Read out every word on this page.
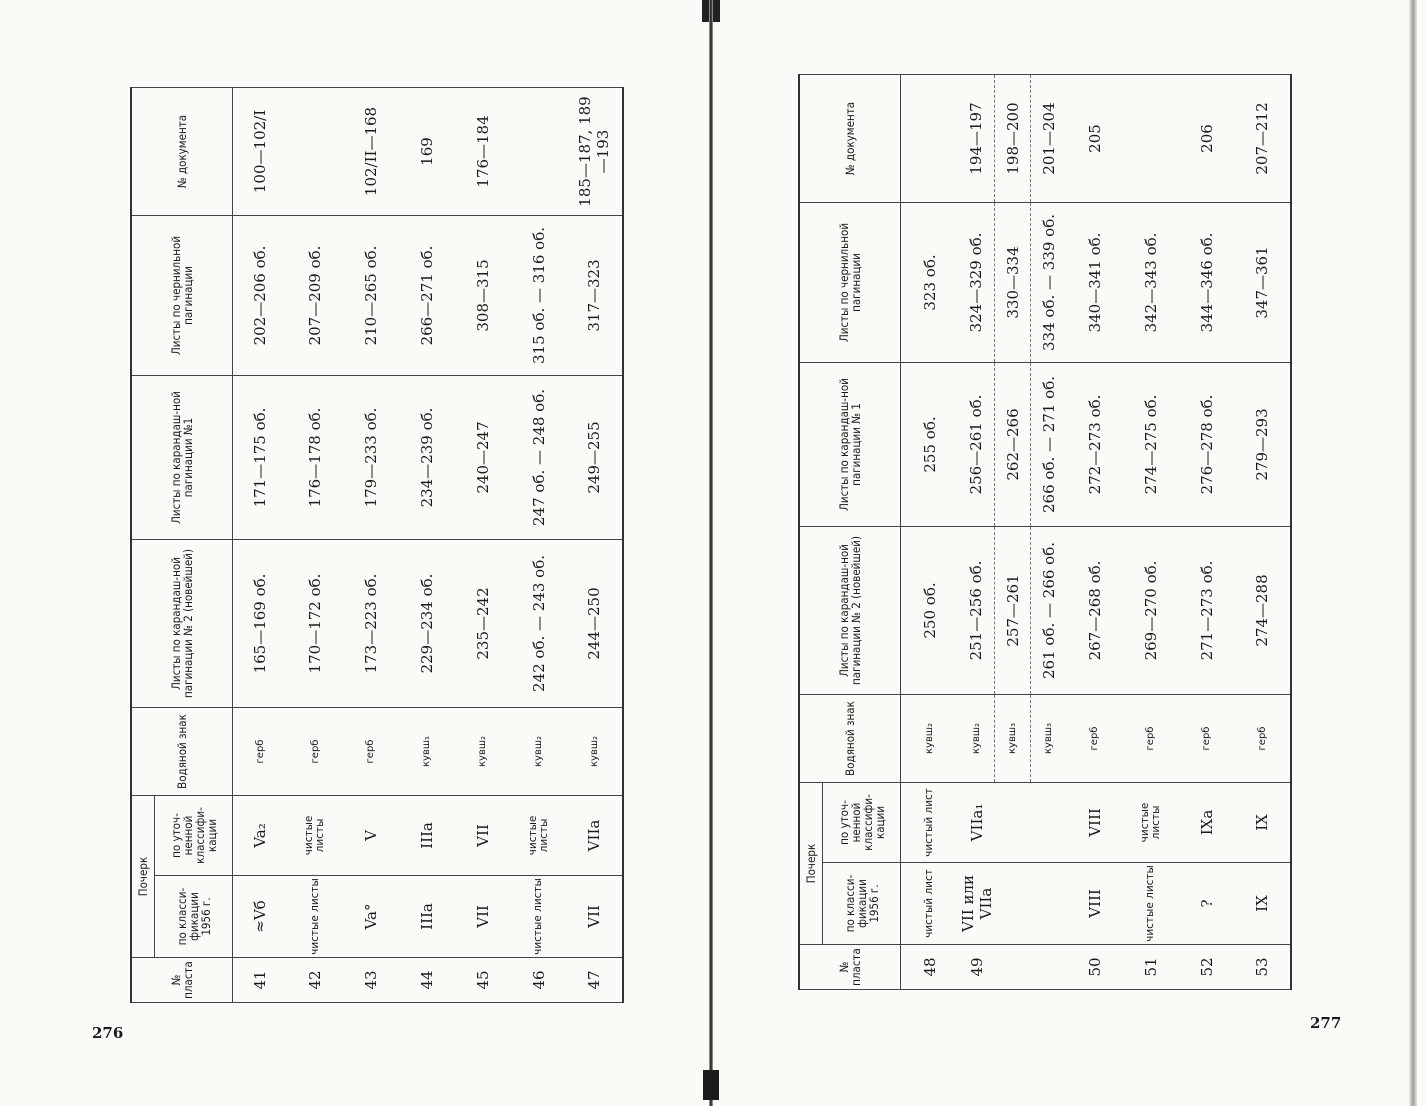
276
277
№ пласта	Почерк		Водяной знак	Листы по карандаш-ной пагинации № 2 (новейшей)	Листы по карандаш-ной пагинации №1	Листы по чернильной пагинации	№ документа
	по класси-фикации 1956 г.	по уточ-ненной классифи-кации					
41	≈Vб	Va₂	герб	165—169 об.	171—175 об.	202—206 об.	100—102/I
42	чистые листы	чистые листы	герб	170—172 об.	176—178 об.	207—209 об.	
43	Va°	V	герб	173—223 об.	179—233 об.	210—265 об.	102/II—168
44	IIIa	IIIa	кувш₁	229—234 об.	234—239 об.	266—271 об.	169
45	VII	VII	кувш₂	235—242	240—247	308—315	176—184
46	чистые листы	чистые листы	кувш₂	242 об. — 243 об.	247 об. — 248 об.	315 об. — 316 об.	
47	VII	VIIa	кувш₂	244—250	249—255	317—323	185—187, 189—193
№ пласта	Почерк		Водяной знак	Листы по карандаш-ной пагинации № 2 (новейшей)	Листы по карандаш-ной пагинации № 1	Листы по чернильной пагинации	№ документа
	по класси-фикации 1956 г.	по уточ-ненной классифи-кации					
48	чистый лист	чистый лист	кувш₂	250 об.	255 об.	323 об.	
49	VII или VIIa	VIIa₁	кувш₂	251—256 об.	256—261 об.	324—329 об.	194—197
			кувш₃	257—261	262—266	330—334	198—200
			кувш₃	261 об. — 266 об.	266 об. — 271 об.	334 об. — 339 об.	201—204
50	VIII	VIII	герб	267—268 об.	272—273 об.	340—341 об.	205
51	чистые листы	чистые листы	герб	269—270 об.	274—275 об.	342—343 об.	
52	?	IXa	герб	271—273 об.	276—278 об.	344—346 об.	206
53	IX	IX	герб	274—288	279—293	347—361	207—212
